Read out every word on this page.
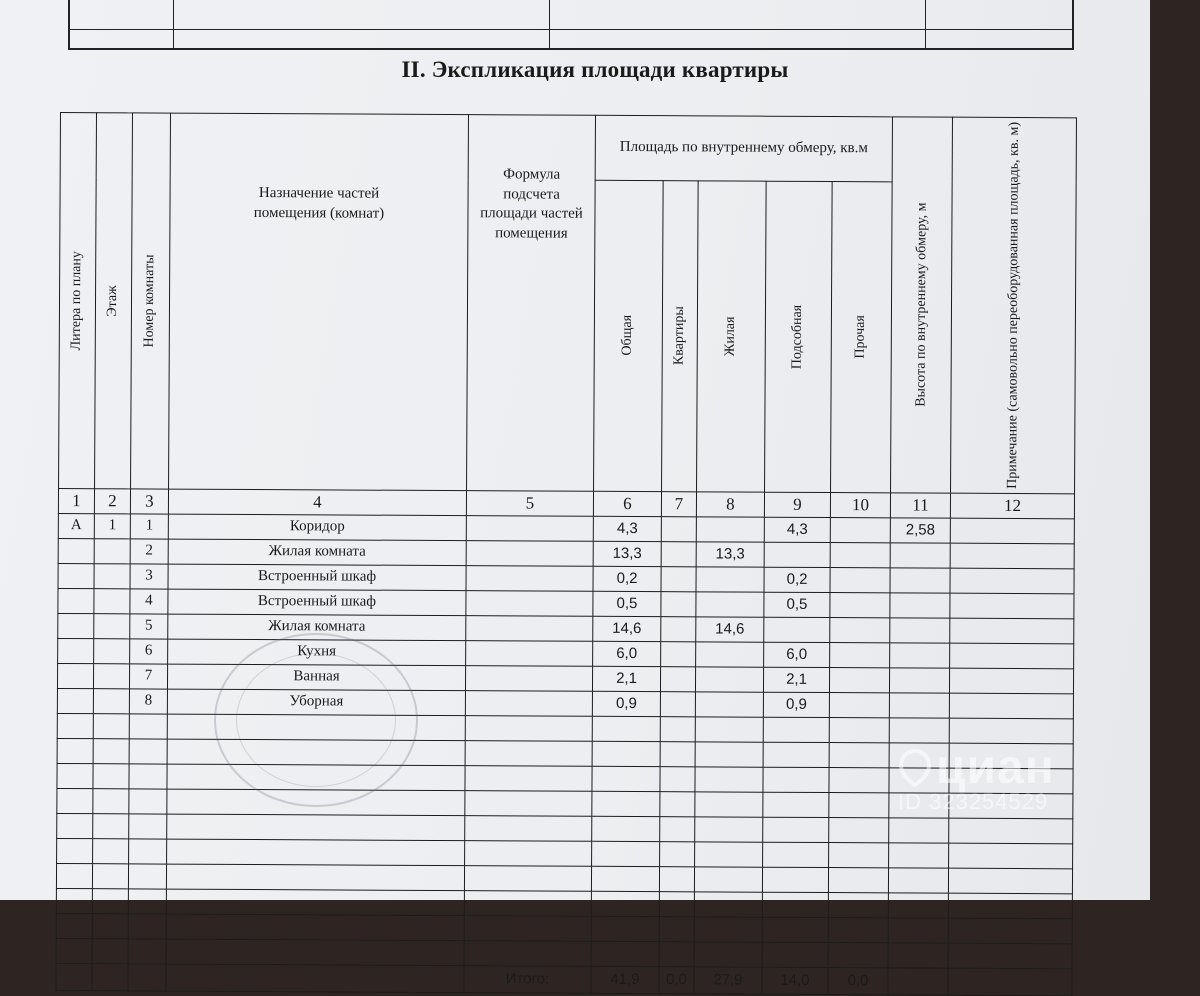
II. Экспликация площади квартиры
Литера по плану	Этаж	Номер комнаты	Назначение частей помещения (комнат)	Формула подсчета площади частей помещения	Площадь по внутреннему обмеру, кв.м					Высота по внутреннему обмеру, м	Примечание (самовольно переоборудованная площадь, кв. м)

					Общая	Квартиры	Жилая	Подсобная	Прочая		

1	2	3	4	5	6	7	8	9	10	11	12
А	1	1	Коридор		4,3			4,3		2,58	
		2	Жилая комната		13,3		13,3				
		3	Встроенный шкаф		0,2			0,2			
		4	Встроенный шкаф		0,5			0,5			
		5	Жилая комната		14,6		14,6				
		6	Кухня		6,0			6,0			
		7	Ванная		2,1			2,1			
		8	Уборная		0,9			0,9			

				Итого:	41,9	0,0	27,9	14,0	0,0		
циан
ID 323254529
